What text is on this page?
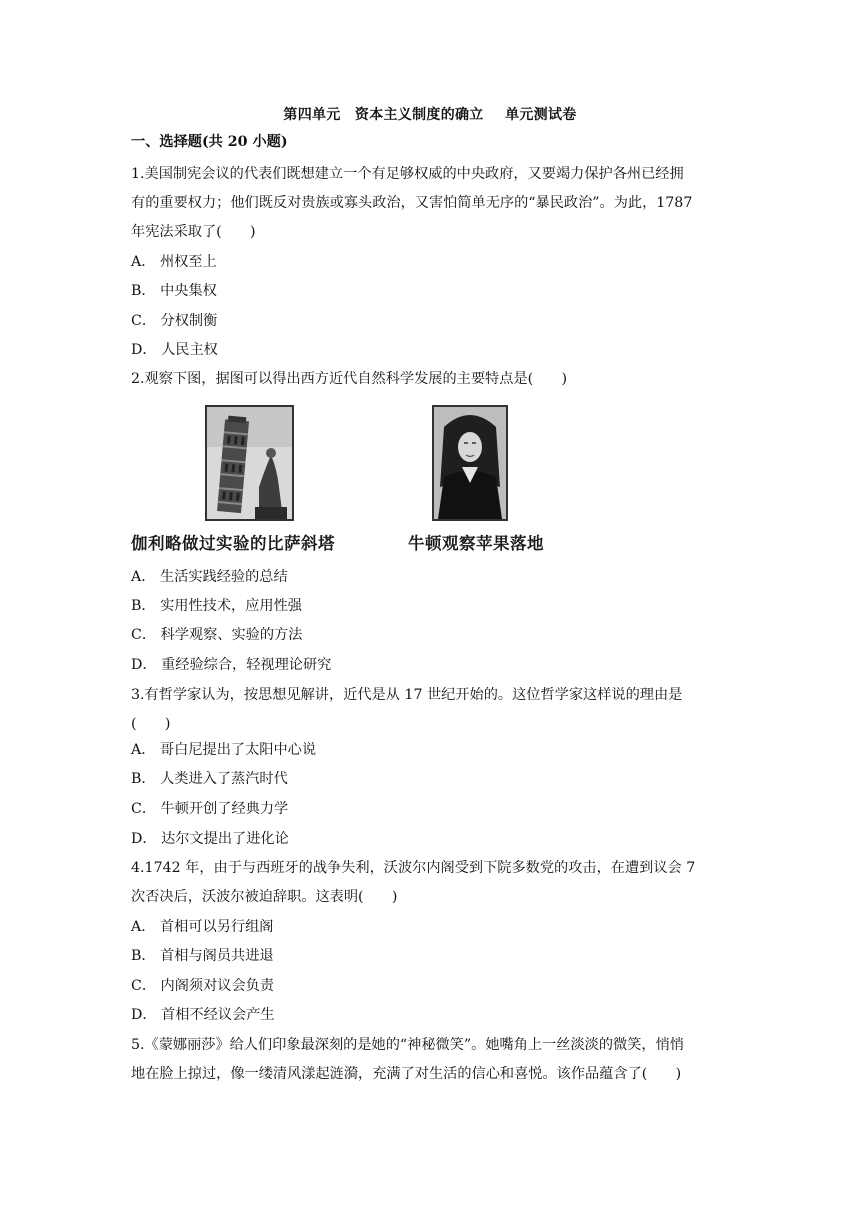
第四单元　资本主义制度的确立　 单元测试卷
一、选择题(共 20 小题)
1.美国制宪会议的代表们既想建立一个有足够权威的中央政府，又要竭力保护各州已经拥
有的重要权力；他们既反对贵族或寡头政治，又害怕简单无序的“暴民政治”。为此，1787
年宪法采取了(　　)
A． 州权至上
B． 中央集权
C． 分权制衡
D． 人民主权
2.观察下图，据图可以得出西方近代自然科学发展的主要特点是(　　)
伽利略做过实验的比萨斜塔	牛顿观察苹果落地
A． 生活实践经验的总结
B． 实用性技术，应用性强
C． 科学观察、实验的方法
D． 重经验综合，轻视理论研究
3.有哲学家认为，按思想见解讲，近代是从 17 世纪开始的。这位哲学家这样说的理由是
(　　)
A． 哥白尼提出了太阳中心说
B． 人类进入了蒸汽时代
C． 牛顿开创了经典力学
D． 达尔文提出了进化论
4.1742 年，由于与西班牙的战争失利，沃波尔内阁受到下院多数党的攻击，在遭到议会 7
次否决后，沃波尔被迫辞职。这表明(　　)
A． 首相可以另行组阁
B． 首相与阁员共进退
C． 内阁须对议会负责
D． 首相不经议会产生
5.《蒙娜丽莎》给人们印象最深刻的是她的“神秘微笑”。她嘴角上一丝淡淡的微笑，悄悄
地在脸上掠过，像一缕清风漾起涟漪，充满了对生活的信心和喜悦。该作品蕴含了(　　)
